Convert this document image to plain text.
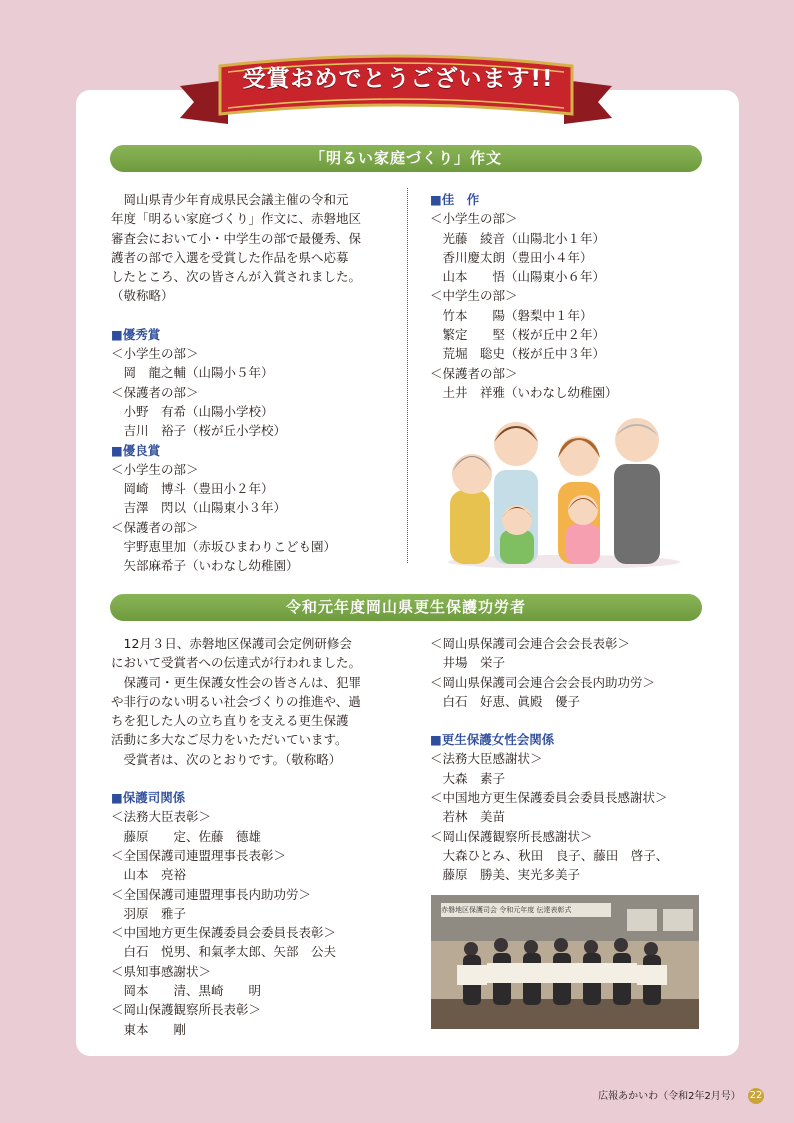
受賞おめでとうございます!!
「明るい家庭づくり」作文

岡山県青少年育成県民会議主催の令和元

年度「明るい家庭づくり」作文に、赤磐地区

審査会において小・中学生の部で最優秀、保

護者の部で入選を受賞した作品を県へ応募

したところ、次の皆さんが入賞されました。

（敬称略）

■優秀賞

＜小学生の部＞

岡　龍之輔（山陽小５年）

＜保護者の部＞

小野　有希（山陽小学校）

吉川　裕子（桜が丘小学校）

■優良賞

＜小学生の部＞

岡崎　博斗（豊田小２年）

吉澤　閃以（山陽東小３年）

＜保護者の部＞

宇野恵里加（赤坂ひまわりこども園）

矢部麻希子（いわなし幼稚園）

■佳　作

＜小学生の部＞

光藤　綾音（山陽北小１年）

香川慶太朗（豊田小４年）

山本　　悟（山陽東小６年）

＜中学生の部＞

竹本　　陽（磐梨中１年）

繁定　　堅（桜が丘中２年）

荒堀　聡史（桜が丘中３年）

＜保護者の部＞

土井　祥雅（いわなし幼稚園）

令和元年度岡山県更生保護功労者

12月３日、赤磐地区保護司会定例研修会

において受賞者への伝達式が行われました。

保護司・更生保護女性会の皆さんは、犯罪

や非行のない明るい社会づくりの推進や、過

ちを犯した人の立ち直りを支える更生保護

活動に多大なご尽力をいただいています。

受賞者は、次のとおりです。（敬称略）

■保護司関係

＜法務大臣表彰＞

藤原　　定、佐藤　德雄

＜全国保護司連盟理事長表彰＞

山本　亮裕

＜全国保護司連盟理事長内助功労＞

羽原　雅子

＜中国地方更生保護委員会委員長表彰＞

白石　悦男、和氣孝太郎、矢部　公夫

＜県知事感謝状＞

岡本　　清、黒崎　　明

＜岡山保護観察所長表彰＞

東本　　剛

＜岡山県保護司会連合会会長表彰＞

井場　栄子

＜岡山県保護司会連合会会長内助功労＞

白石　好恵、眞殿　優子

■更生保護女性会関係

＜法務大臣感謝状＞

大森　素子

＜中国地方更生保護委員会委員長感謝状＞

若林　美苗

＜岡山保護観察所長感謝状＞

大森ひとみ、秋田　良子、藤田　啓子、

藤原　勝美、実光多美子

赤磐地区保護司会 令和元年度 伝達表彰式
広報あかいわ（令和2年2月号） 22
